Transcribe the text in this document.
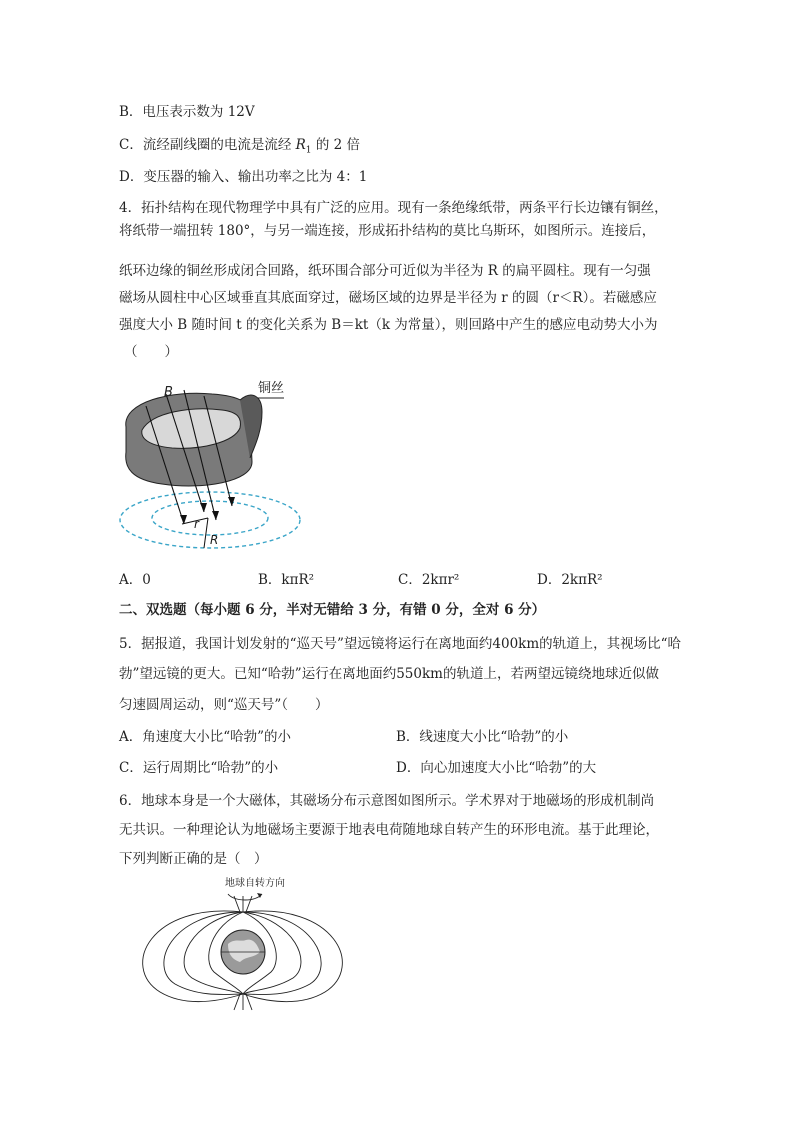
B．电压表示数为 12V
C．流经副线圈的电流是流经 $R_1$ 的 2 倍
D．变压器的输入、输出功率之比为 4：1
4．拓扑结构在现代物理学中具有广泛的应用。现有一条绝缘纸带，两条平行长边镶有铜丝，
将纸带一端扭转 180°，与另一端连接，形成拓扑结构的莫比乌斯环，如图所示。连接后，
纸环边缘的铜丝形成闭合回路，纸环围合部分可近似为半径为 R 的扁平圆柱。现有一匀强
磁场从圆柱中心区域垂直其底面穿过，磁场区域的边界是半径为 r 的圆（r＜R）。若磁感应
强度大小 B 随时间 t 的变化关系为 B＝kt（k 为常量），则回路中产生的感应电动势大小为
（　　）
B	铜丝
r
R
A．0	B．kπR²	C．2kπr²	D．2kπR²
二、双选题（每小题 6 分，半对无错给 3 分，有错 0 分，全对 6 分）
5．据报道，我国计划发射的“巡天号”望远镜将运行在离地面约400km的轨道上，其视场比“哈
勃”望远镜的更大。已知“哈勃”运行在离地面约550km的轨道上，若两望远镜绕地球近似做
匀速圆周运动，则“巡天号”（　　）
A．角速度大小比“哈勃”的小	B．线速度大小比“哈勃”的小
C．运行周期比“哈勃”的小	D．向心加速度大小比“哈勃”的大
6．地球本身是一个大磁体，其磁场分布示意图如图所示。学术界对于地磁场的形成机制尚
无共识。一种理论认为地磁场主要源于地表电荷随地球自转产生的环形电流。基于此理论，
下列判断正确的是（　）
地球自转方向
